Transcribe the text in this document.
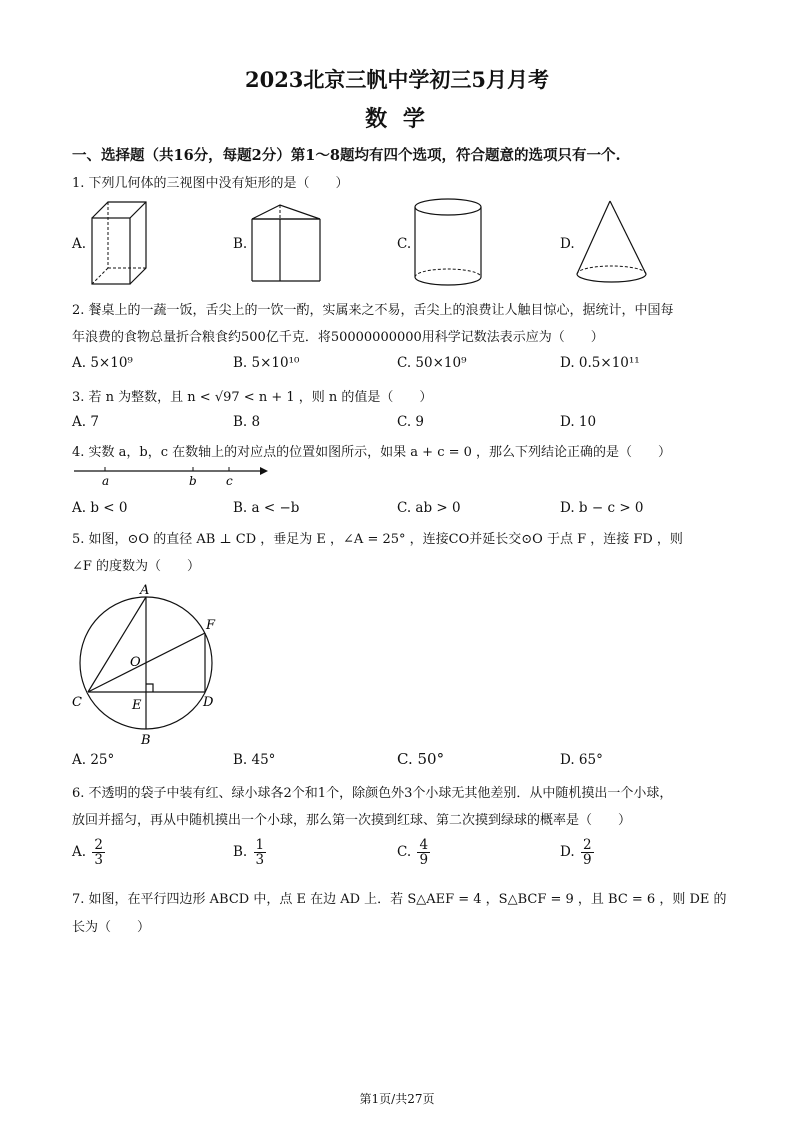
2023北京三帆中学初三5月月考
数 学
一、选择题（共16分，每题2分）第1～8题均有四个选项，符合题意的选项只有一个.
1. 下列几何体的三视图中没有矩形的是（　　）
A.	B.	C.	D.
2. 餐桌上的一蔬一饭，舌尖上的一饮一酌，实属来之不易，舌尖上的浪费让人触目惊心，据统计，中国每
年浪费的食物总量折合粮食约500亿千克．将50000000000用科学记数法表示应为（　　）
A. 5×10⁹	B. 5×10¹⁰	C. 50×10⁹	D. 0.5×10¹¹
3. 若 n 为整数，且 n < √97 < n + 1 ，则 n 的值是（　　）
A. 7	B. 8	C. 9	D. 10
4. 实数 a，b，c 在数轴上的对应点的位置如图所示，如果 a + c = 0 ，那么下列结论正确的是（　　）
a	b c
A. b < 0	B. a < −b	C. ab > 0	D. b − c > 0
5. 如图，⊙O 的直径 AB ⊥ CD ，垂足为 E ，∠A = 25° ，连接CO并延长交⊙O 于点 F ，连接 FD ，则
∠F 的度数为（　　）
A
F
O
C	E	D
B
A. 25°	B. 45°	C. 50°	D. 65°
6. 不透明的袋子中装有红、绿小球各2个和1个，除颜色外3个小球无其他差别．从中随机摸出一个小球，
放回并摇匀，再从中随机摸出一个小球，那么第一次摸到红球、第二次摸到绿球的概率是（　　）
A. $\frac{2}{3}$	B. $\frac{1}{3}$	C. $\frac{4}{9}$	D. $\frac{2}{9}$
7. 如图，在平行四边形 ABCD 中，点 E 在边 AD 上．若 S△AEF = 4 ，S△BCF = 9 ，且 BC = 6 ，则 DE 的
长为（　　）
第1页/共27页
